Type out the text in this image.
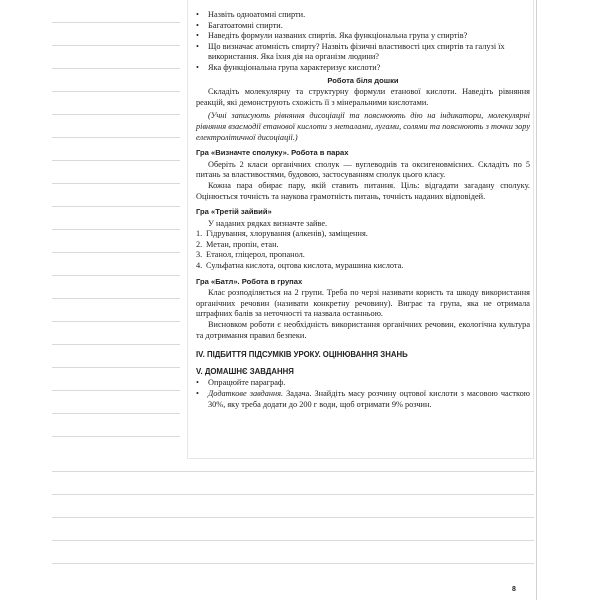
•	Назвіть одноатомні спирти.
•	Багатоатомні спирти.
•	Наведіть формули названих спиртів. Яка функціональна група у спиртів?
•	Що визначає атомність спирту? Назвіть фізичні властивості цих спиртів та галузі їх використання. Яка їхня дія на організм людини?
•	Яка функціональна група характеризує кислоти?
Робота біля дошки
Складіть молекулярну та структурну формули етанової кислоти. Наведіть рівняння реакцій, які демонструють схожість її з мінеральними кислотами.
(Учні записують рівняння дисоціації та пояснюють дію на індикатори, молекулярні рівняння взаємодії етанової кислоти з металами, лугами, солями та пояснюють з точки зору електролітичної дисоціації.)
Гра «Визначте сполуку». Робота в парах
Оберіть 2 класи органічних сполук — вуглеводнів та оксигеновмісних. Складіть по 5 питань за властивостями, будовою, застосуванням сполук цього класу.
Кожна пара обирає пару, якій ставить питання. Ціль: відгадати загадану сполуку. Оцінюється точність та наукова грамотність питань, точність наданих відповідей.
Гра «Третій зайвий»
У наданих рядках визначте зайве.
1. Гідрування, хлорування (алкенів), заміщення.
2. Метан, пропін, етан.
3. Етанол, гліцерол, пропанол.
4. Сульфатна кислота, оцтова кислота, мурашина кислота.
Гра «Батл». Робота в групах
Клас розподіляється на 2 групи. Треба по черзі називати користь та шкоду використання органічних речовин (називати конкретну речовину). Виграє та група, яка не отримала штрафних балів за неточності та назвала останньою.
Висновком роботи є необхідність використання органічних речовин, екологічна культура та дотримання правил безпеки.
IV. ПІДБИТТЯ ПІДСУМКІВ УРОКУ. ОЦІНЮВАННЯ ЗНАНЬ
V. ДОМАШНЄ ЗАВДАННЯ
•	Опрацюйте параграф.
•	Додаткове завдання. Задача. Знайдіть масу розчину оцтової кислоти з масовою часткою 30%, яку треба додати до 200 г води, щоб отримати 9% розчин.
8
